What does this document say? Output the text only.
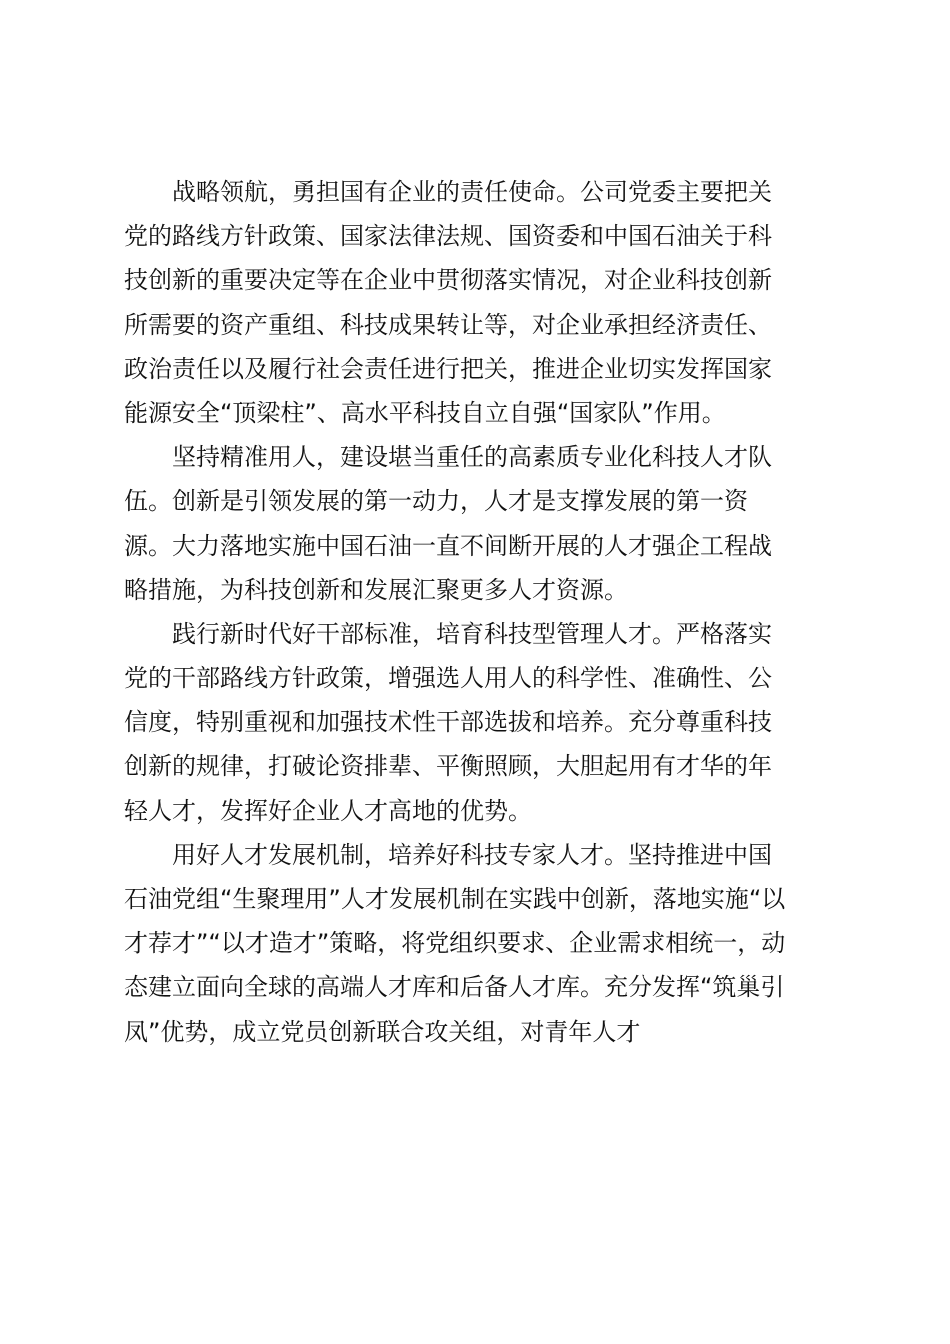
战略领航，勇担国有企业的责任使命。公司党委主要把关
党的路线方针政策、国家法律法规、国资委和中国石油关于科
技创新的重要决定等在企业中贯彻落实情况，对企业科技创新
所需要的资产重组、科技成果转让等，对企业承担经济责任、
政治责任以及履行社会责任进行把关，推进企业切实发挥国家
能源安全“顶梁柱”、高水平科技自立自强“国家队”作用。

坚持精准用人，建设堪当重任的高素质专业化科技人才队
伍。创新是引领发展的第一动力，人才是支撑发展的第一资
源。大力落地实施中国石油一直不间断开展的人才强企工程战
略措施，为科技创新和发展汇聚更多人才资源。

践行新时代好干部标准，培育科技型管理人才。严格落实
党的干部路线方针政策，增强选人用人的科学性、准确性、公
信度，特别重视和加强技术性干部选拔和培养。充分尊重科技
创新的规律，打破论资排辈、平衡照顾，大胆起用有才华的年
轻人才，发挥好企业人才高地的优势。

用好人才发展机制，培养好科技专家人才。坚持推进中国
石油党组“生聚理用”人才发展机制在实践中创新，落地实施“以
才荐才”“以才造才”策略，将党组织要求、企业需求相统一，动
态建立面向全球的高端人才库和后备人才库。充分发挥“筑巢引
凤”优势，成立党员创新联合攻关组，对青年人才
